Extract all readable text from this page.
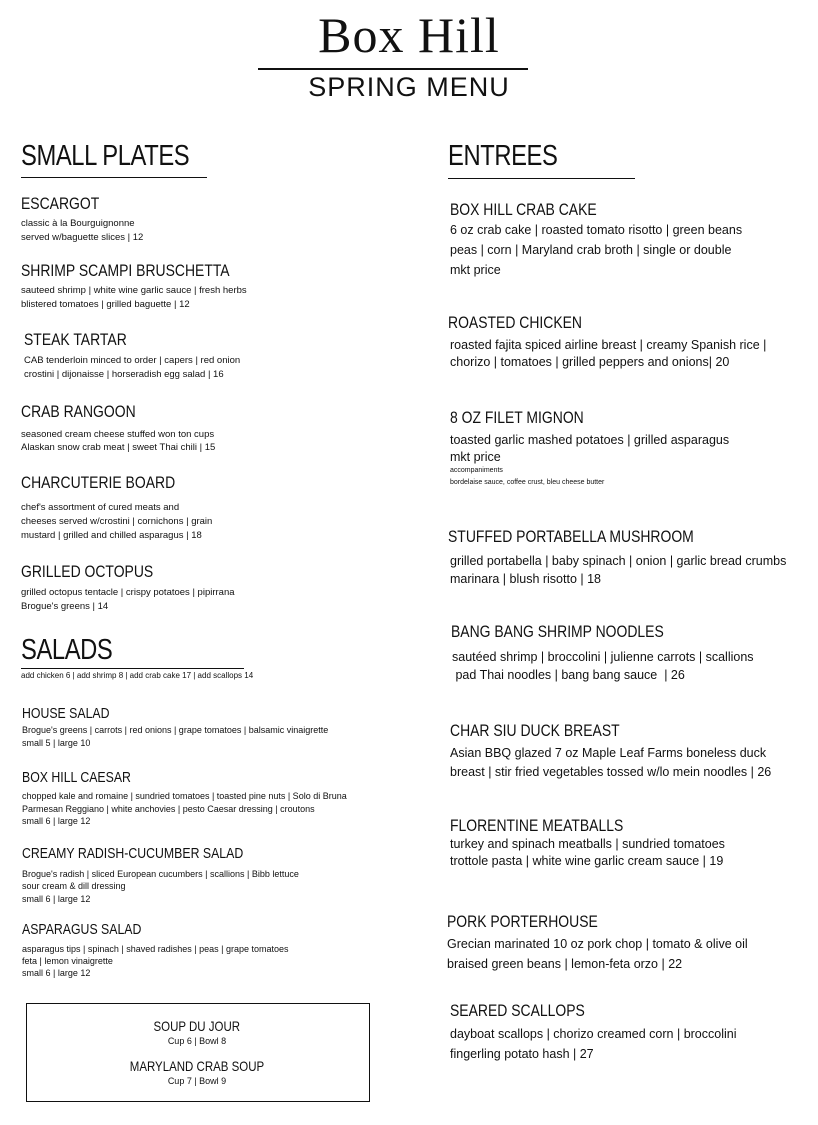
Box Hill
SPRING MENU
SMALL PLATES
ESCARGOT
classic à la Bourguignonne
served w/baguette slices | 12
SHRIMP SCAMPI BRUSCHETTA
sauteed shrimp | white wine garlic sauce | fresh herbs
blistered tomatoes | grilled baguette | 12
STEAK TARTAR
CAB tenderloin minced to order | capers | red onion
crostini | dijonaisse | horseradish egg salad | 16
CRAB RANGOON
seasoned cream cheese stuffed won ton cups
Alaskan snow crab meat | sweet Thai chili | 15
CHARCUTERIE BOARD
chef's assortment of cured meats and
cheeses served w/crostini | cornichons | grain
mustard | grilled and chilled asparagus | 18
GRILLED OCTOPUS
grilled octopus tentacle | crispy potatoes | pipirrana
Brogue's greens | 14
SALADS
add chicken 6 | add shrimp 8 | add crab cake 17 | add scallops 14
HOUSE SALAD
Brogue's greens | carrots | red onions | grape tomatoes | balsamic vinaigrette
small 5 | large 10
BOX HILL CAESAR
chopped kale and romaine | sundried tomatoes | toasted pine nuts | Solo di Bruna
Parmesan Reggiano | white anchovies | pesto Caesar dressing | croutons
small 6 | large 12
CREAMY RADISH-CUCUMBER SALAD
Brogue's radish | sliced European cucumbers | scallions | Bibb lettuce
sour cream & dill dressing
small 6 | large 12
ASPARAGUS SALAD
asparagus tips | spinach | shaved radishes | peas | grape tomatoes
feta | lemon vinaigrette
small 6 | large 12
SOUP DU JOUR
Cup 6 | Bowl 8
MARYLAND CRAB SOUP
Cup 7 | Bowl 9
ENTREES
BOX HILL CRAB CAKE
6 oz crab cake | roasted tomato risotto | green beans
peas | corn | Maryland crab broth | single or double
mkt price
ROASTED CHICKEN
roasted fajita spiced airline breast | creamy Spanish rice |
chorizo | tomatoes | grilled peppers and onions| 20
8 OZ FILET MIGNON
toasted garlic mashed potatoes | grilled asparagus
mkt price
accompaniments
bordelaise sauce, coffee crust, bleu cheese butter
STUFFED PORTABELLA MUSHROOM
grilled portabella | baby spinach | onion | garlic bread crumbs
marinara | blush risotto | 18
BANG BANG SHRIMP NOODLES
sautéed shrimp | broccolini | julienne carrots | scallions
pad Thai noodles | bang bang sauce  | 26
CHAR SIU DUCK BREAST
Asian BBQ glazed 7 oz Maple Leaf Farms boneless duck
breast | stir fried vegetables tossed w/lo mein noodles | 26
FLORENTINE MEATBALLS
turkey and spinach meatballs | sundried tomatoes
trottole pasta | white wine garlic cream sauce | 19
PORK PORTERHOUSE
Grecian marinated 10 oz pork chop | tomato & olive oil
braised green beans | lemon-feta orzo | 22
SEARED SCALLOPS
dayboat scallops | chorizo creamed corn | broccolini
fingerling potato hash | 27
